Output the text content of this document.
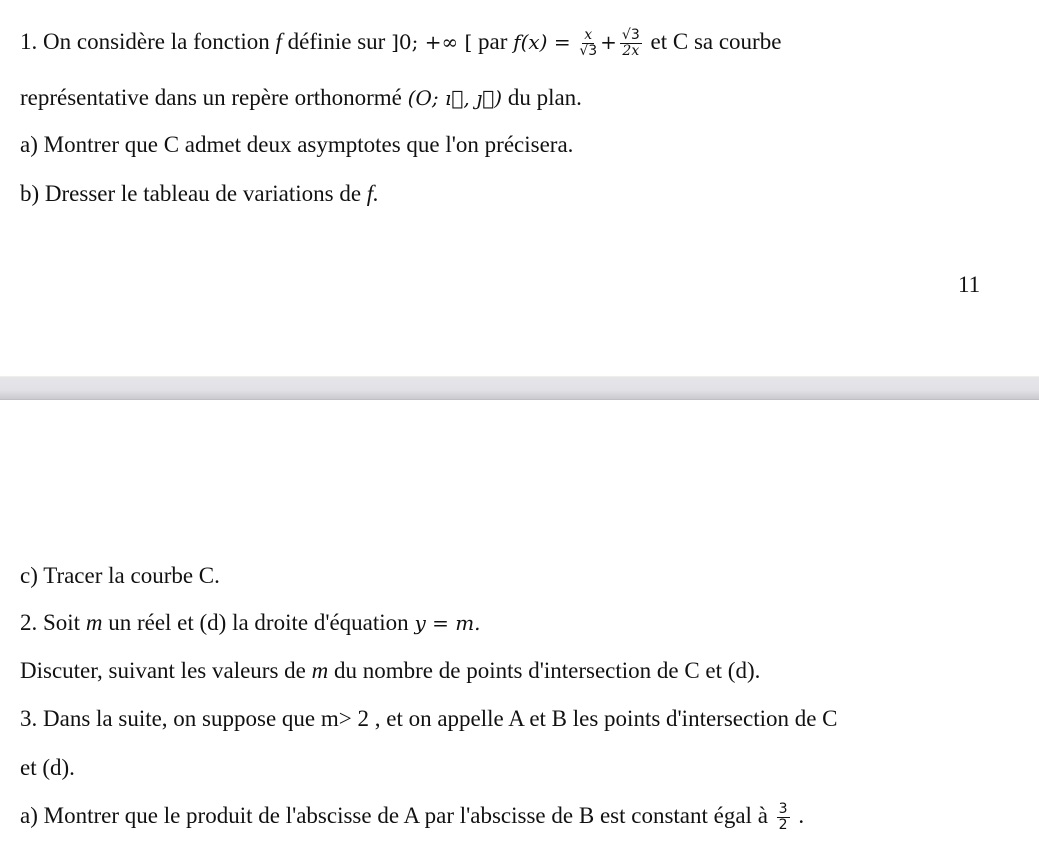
1. On considère la fonction f définie sur ]0; +∞ [ par $f(x) = \frac{x}{√3} + \frac{√3}{2x}$ et C sa courbe
représentative dans un repère orthonormé (O; ı⃗, ȷ⃗) du plan.
a) Montrer que C admet deux asymptotes que l'on précisera.
b) Dresser le tableau de variations de f.
11
c) Tracer la courbe C.
2. Soit m un réel et (d) la droite d'équation y = m.
Discuter, suivant les valeurs de m du nombre de points d'intersection de C et (d).
3. Dans la suite, on suppose que m> 2 , et on appelle A et B les points d'intersection de C
et (d).
a) Montrer que le produit de l'abscisse de A par l'abscisse de B est constant égal à $\frac{3}{2}$ .
